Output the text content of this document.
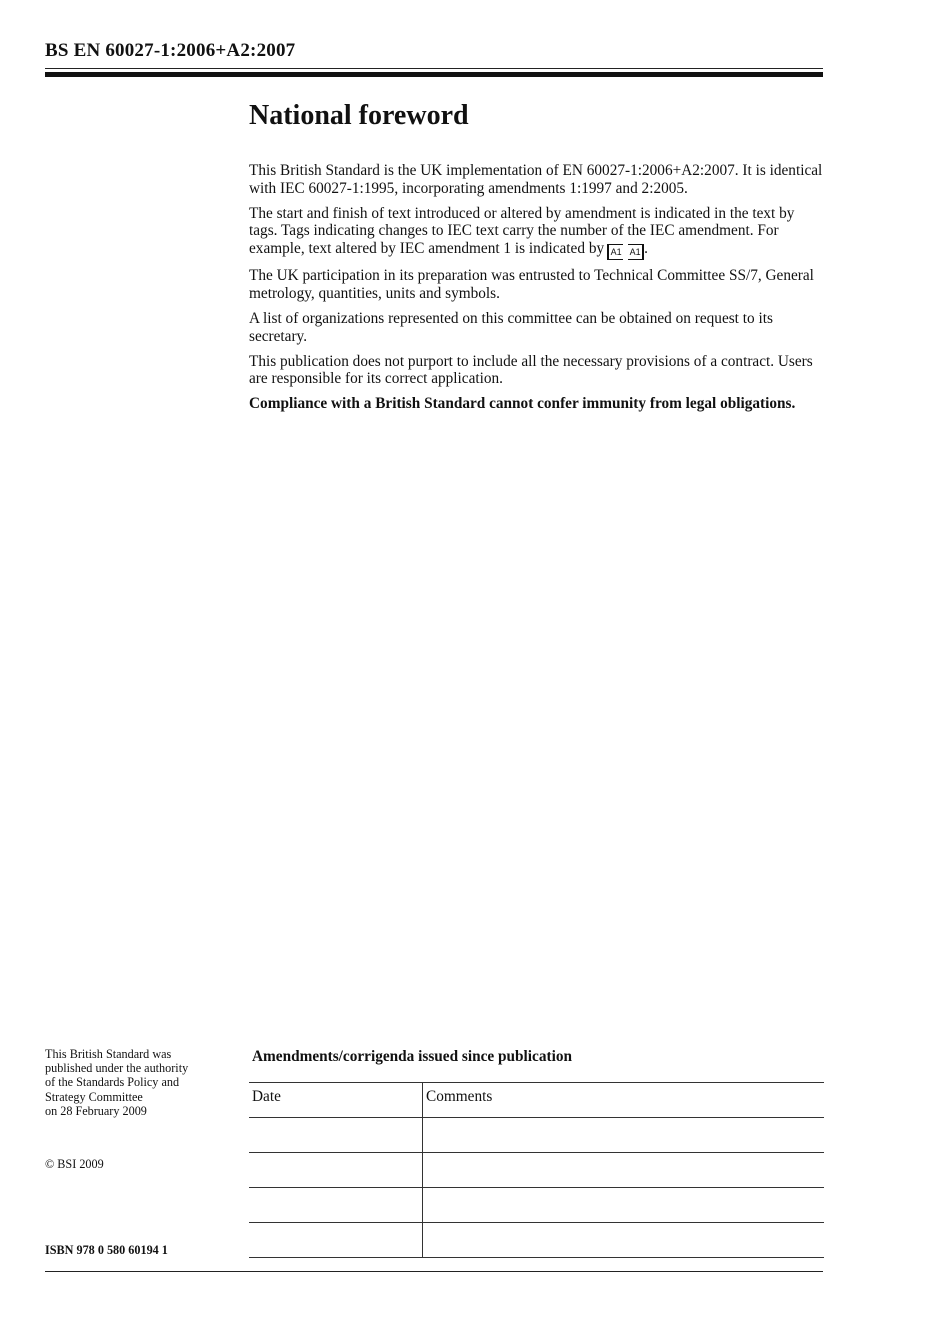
BS EN 60027-1:2006+A2:2007
National foreword

This British Standard is the UK implementation of EN 60027-1:2006+A2:2007. It is identical with IEC 60027-1:1995, incorporating amendments 1:1997 and 2:2005.

The start and finish of text introduced or altered by amendment is indicated in the text by tags. Tags indicating changes to IEC text carry the number of the IEC amendment. For example, text altered by IEC amendment 1 is indicated by A1 A1 .

The UK participation in its preparation was entrusted to Technical Committee SS/7, General metrology, quantities, units and symbols.

A list of organizations represented on this committee can be obtained on request to its secretary.

This publication does not purport to include all the necessary provisions of a contract. Users are responsible for its correct application.

Compliance with a British Standard cannot confer immunity from legal obligations.

This British Standard was
published under the authority
of the Standards Policy and
Strategy Committee
on 28 February 2009
© BSI 2009
ISBN 978 0 580 60194 1
Amendments/corrigenda issued since publication
Date	Comments
